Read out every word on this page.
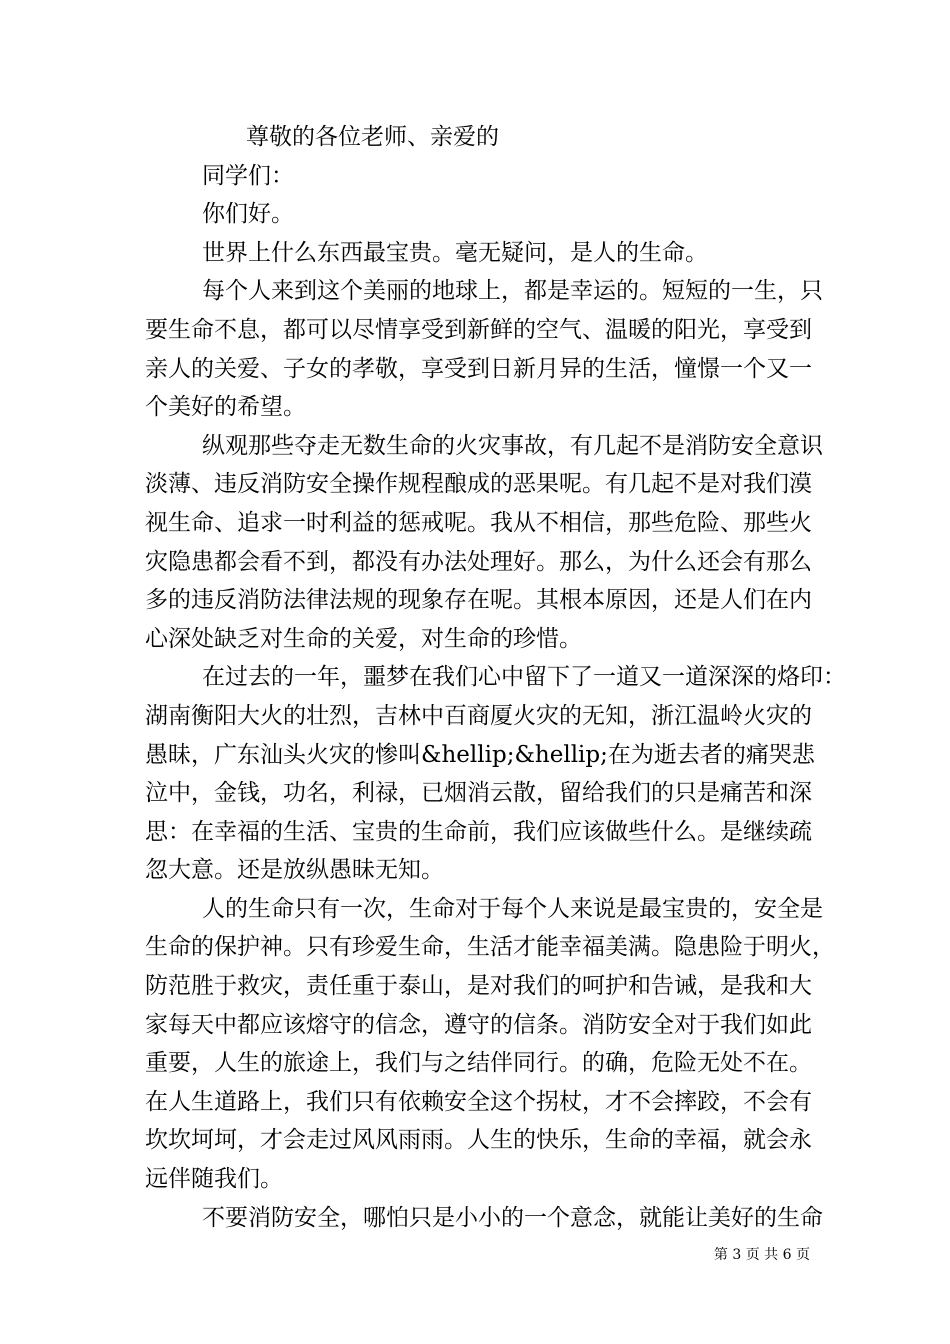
尊敬的各位老师、亲爱的
同学们：
你们好。
世界上什么东西最宝贵。毫无疑问，是人的生命。
每个人来到这个美丽的地球上，都是幸运的。短短的一生，只
要生命不息，都可以尽情享受到新鲜的空气、温暖的阳光，享受到
亲人的关爱、子女的孝敬，享受到日新月异的生活，憧憬一个又一
个美好的希望。
纵观那些夺走无数生命的火灾事故，有几起不是消防安全意识
淡薄、违反消防安全操作规程酿成的恶果呢。有几起不是对我们漠
视生命、追求一时利益的惩戒呢。我从不相信，那些危险、那些火
灾隐患都会看不到，都没有办法处理好。那么，为什么还会有那么
多的违反消防法律法规的现象存在呢。其根本原因，还是人们在内
心深处缺乏对生命的关爱，对生命的珍惜。
在过去的一年，噩梦在我们心中留下了一道又一道深深的烙印：
湖南衡阳大火的壮烈，吉林中百商厦火灾的无知，浙江温岭火灾的
愚昧，广东汕头火灾的惨叫&hellip;&hellip;在为逝去者的痛哭悲
泣中，金钱，功名，利禄，已烟消云散，留给我们的只是痛苦和深
思：在幸福的生活、宝贵的生命前，我们应该做些什么。是继续疏
忽大意。还是放纵愚昧无知。
人的生命只有一次，生命对于每个人来说是最宝贵的，安全是
生命的保护神。只有珍爱生命，生活才能幸福美满。隐患险于明火，
防范胜于救灾，责任重于泰山，是对我们的呵护和告诫，是我和大
家每天中都应该熔守的信念，遵守的信条。消防安全对于我们如此
重要，人生的旅途上，我们与之结伴同行。的确，危险无处不在。
在人生道路上，我们只有依赖安全这个拐杖，才不会摔跤，不会有
坎坎坷坷，才会走过风风雨雨。人生的快乐，生命的幸福，就会永
远伴随我们。
不要消防安全，哪怕只是小小的一个意念，就能让美好的生命
第 3 页 共 6 页
